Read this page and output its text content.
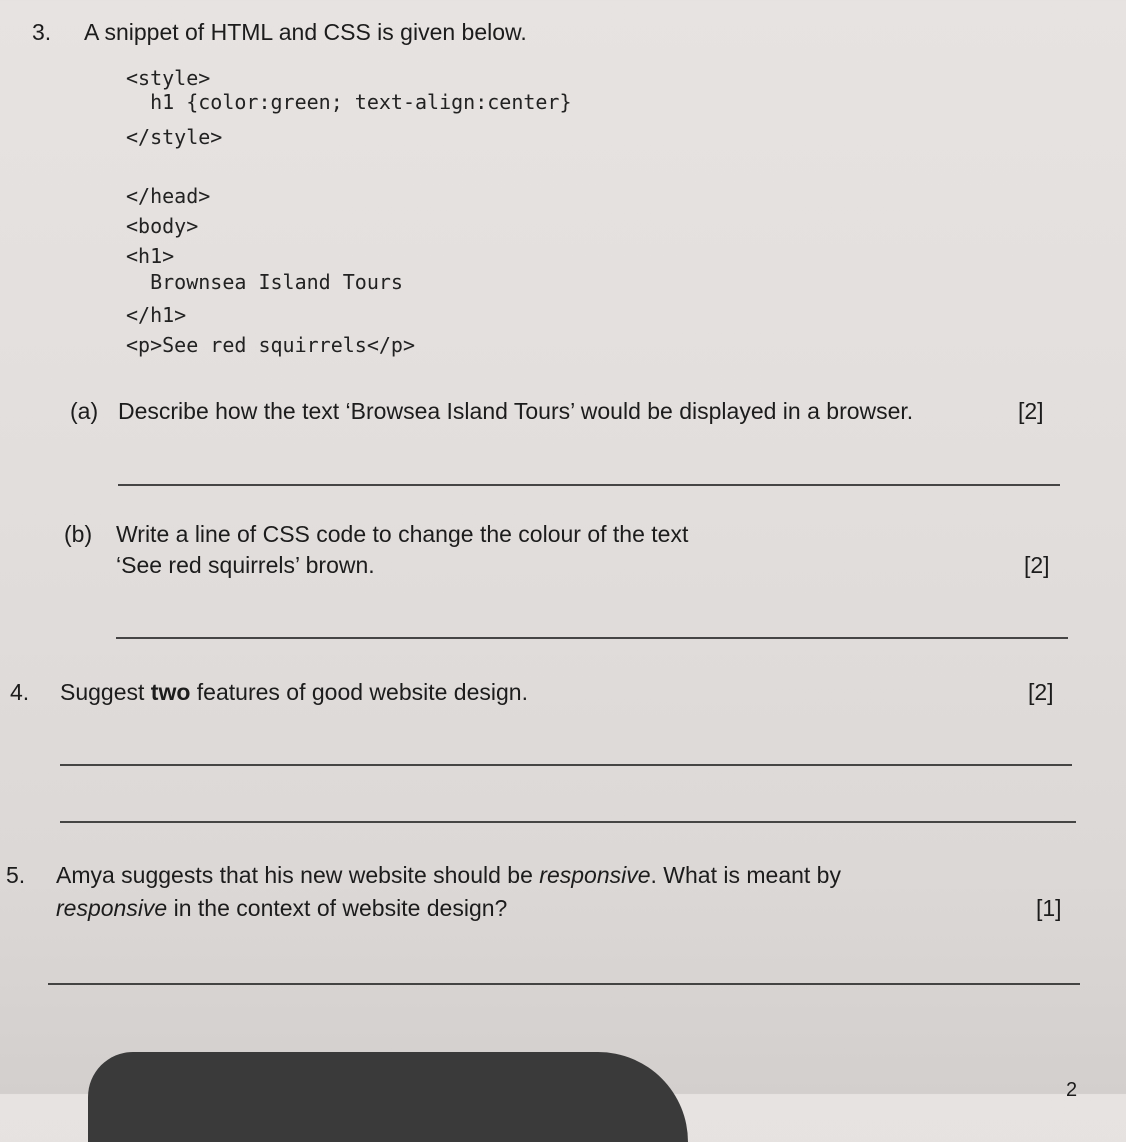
3. A snippet of HTML and CSS is given below.
<style>
h1 {color:green; text-align:center}
</style>
</head>
<body>
<h1>
Brownsea Island Tours
</h1>
<p>See red squirrels</p>
(a) Describe how the text ‘Browsea Island Tours’ would be displayed in a browser.	[2]
(b) Write a line of CSS code to change the colour of the text
‘See red squirrels’ brown.	[2]
4. Suggest two features of good website design.	[2]
5. Amya suggests that his new website should be responsive. What is meant by
responsive in the context of website design?	[1]
2
